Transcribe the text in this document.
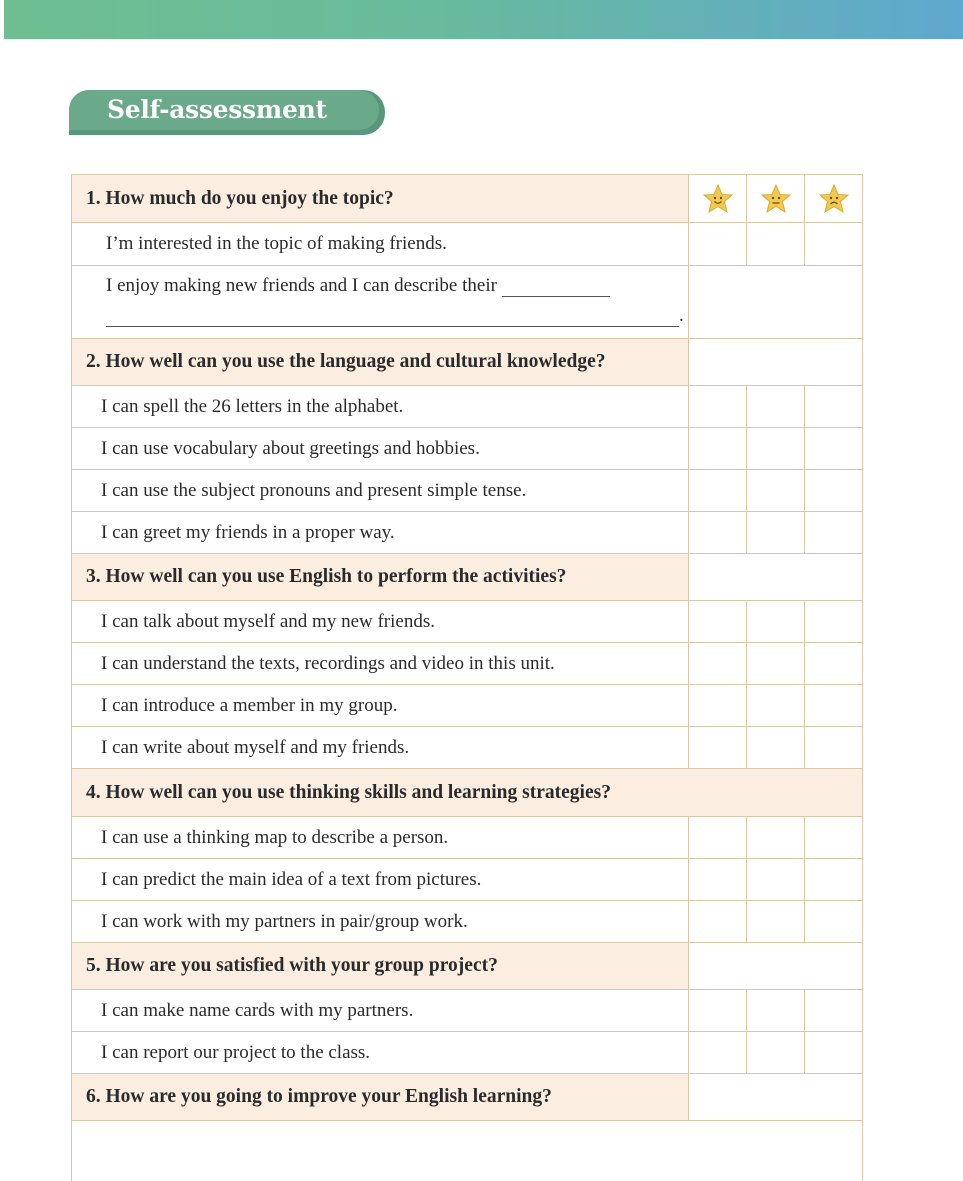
Self-assessment
1. How much do you enjoy the topic?
I’m interested in the topic of making friends.
I enjoy making new friends and I can describe their
.
2. How well can you use the language and cultural knowledge?
I can spell the 26 letters in the alphabet.
I can use vocabulary about greetings and hobbies.
I can use the subject pronouns and present simple tense.
I can greet my friends in a proper way.
3. How well can you use English to perform the activities?
I can talk about myself and my new friends.
I can understand the texts, recordings and video in this unit.
I can introduce a member in my group.
I can write about myself and my friends.
4. How well can you use thinking skills and learning strategies?
I can use a thinking map to describe a person.
I can predict the main idea of a text from pictures.
I can work with my partners in pair/group work.
5. How are you satisfied with your group project?
I can make name cards with my partners.
I can report our project to the class.
6. How are you going to improve your English learning?
